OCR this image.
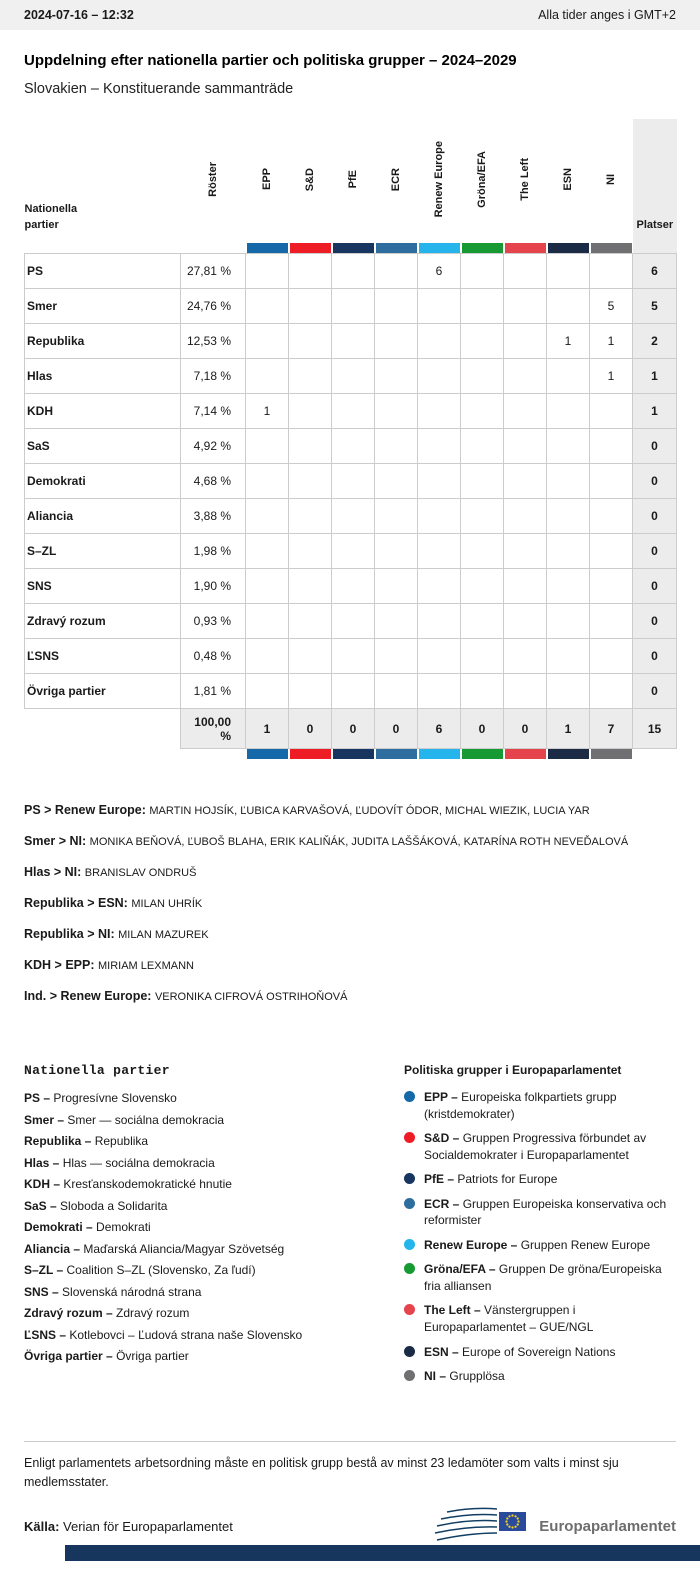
2024-07-16 – 12:32	Alla tider anges i GMT+2
Uppdelning efter nationella partier och politiska grupper – 2024–2029
Slovakien – Konstituerande sammanträde
Nationella partier	Röster	EPP	S&D	PfE	ECR	Renew Europe	Gröna/EFA	The Left	ESN	NI	Platser

PS	27,81 %					6					6
Smer	24,76 %									5	5
Republika	12,53 %								1	1	2
Hlas	7,18 %									1	1
KDH	7,14 %	1									1
SaS	4,92 %										0
Demokrati	4,68 %										0
Aliancia	3,88 %										0
S–ZL	1,98 %										0
SNS	1,90 %										0
Zdravý rozum	0,93 %										0
ĽSNS	0,48 %										0
Övriga partier	1,81 %										0
	100,00 %	1	0	0	0	6	0	0	1	7	15

PS > Renew Europe: MARTIN HOJSÍK, ĽUBICA KARVAŠOVÁ, ĽUDOVÍT ÓDOR, MICHAL WIEZIK, LUCIA YAR

Smer > NI: MONIKA BEŇOVÁ, ĽUBOŠ BLAHA, ERIK KALIŇÁK, JUDITA LAŠŠÁKOVÁ, KATARÍNA ROTH NEVEĎALOVÁ

Hlas > NI: BRANISLAV ONDRUŠ

Republika > ESN: MILAN UHRÍK

Republika > NI: MILAN MAZUREK

KDH > EPP: MIRIAM LEXMANN

Ind. > Renew Europe: VERONIKA CIFROVÁ OSTRIHOŇOVÁ

Nationella partier
PS – Progresívne Slovensko
Smer – Smer — sociálna demokracia
Republika – Republika
Hlas – Hlas — sociálna demokracia
KDH – Kresťanskodemokratické hnutie
SaS – Sloboda a Solidarita
Demokrati – Demokrati
Aliancia – Maďarská Aliancia/Magyar Szövetség
S–ZL – Coalition S–ZL (Slovensko, Za ľudí)
SNS – Slovenská národná strana
Zdravý rozum – Zdravý rozum
ĽSNS – Kotlebovci – Ľudová strana naše Slovensko
Övriga partier – Övriga partier
Politiska grupper i Europaparlamentet
EPP – Europeiska folkpartiets grupp (kristdemokrater)
S&D – Gruppen Progressiva förbundet av Socialdemokrater i Europaparlamentet
PfE – Patriots for Europe
ECR – Gruppen Europeiska konservativa och reformister
Renew Europe – Gruppen Renew Europe
Gröna/EFA – Gruppen De gröna/Europeiska fria alliansen
The Left – Vänstergruppen i Europaparlamentet – GUE/NGL
ESN – Europe of Sovereign Nations
NI – Grupplösa
Enligt parlamentets arbetsordning måste en politisk grupp bestå av minst 23 ledamöter som valts i minst sju medlemsstater.
Källa: Verian för Europaparlamentet	Europaparlamentet
